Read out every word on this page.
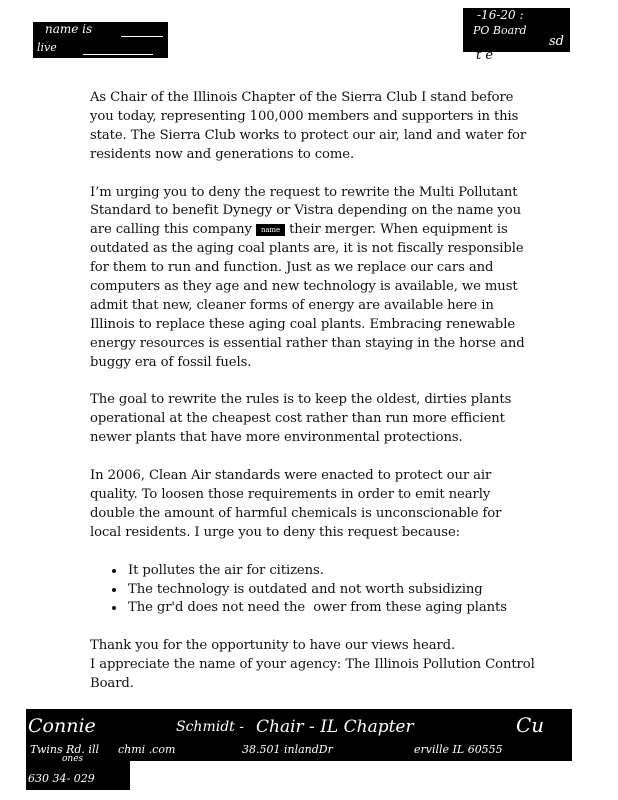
name is
live
-16-20 :
PO Board
sd
t e

As Chair of the Illinois Chapter of the Sierra Club I stand before you today, representing 100,000 members and supporters in this state. The Sierra Club works to protect our air, land and water for residents now and generations to come.

I’m urging you to deny the request to rewrite the Multi Pollutant Standard to benefit Dynegy or Vistra depending on the name you are calling this company name their merger. When equipment is outdated as the aging coal plants are, it is not fiscally responsible for them to run and function. Just as we replace our cars and computers as they age and new technology is available, we must admit that new, cleaner forms of energy are available here in Illinois to replace these aging coal plants. Embracing renewable energy resources is essential rather than staying in the horse and buggy era of fossil fuels.

The goal to rewrite the rules is to keep the oldest, dirties plants operational at the cheapest cost rather than run more efficient newer plants that have more environmental protections.

In 2006, Clean Air standards were enacted to protect our air quality. To loosen those requirements in order to emit nearly double the amount of harmful chemicals is unconscionable for local residents. I urge you to deny this request because:

• It pollutes the air for citizens.
• The technology is outdated and not worth subsidizing
• The gr'd does not need the  ower from these aging plants
Thank you for the opportunity to have our views heard.
I appreciate the name of your agency: The Illinois Pollution Control Board.
Connie	Schmidt - Chair - IL Chapter	Cu
Twins Rd. ill chmi .com	38.501 inlandDr	erville IL 60555
ones
630 34- 029
